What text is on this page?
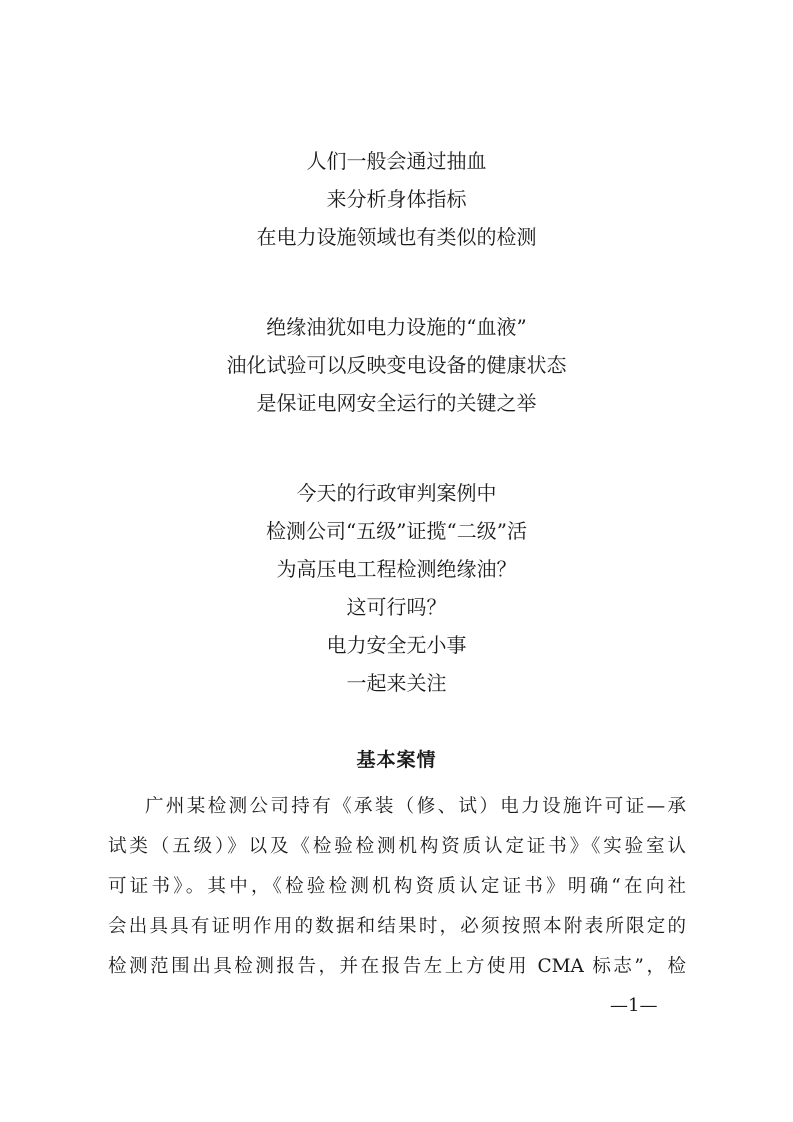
人们一般会通过抽血
来分析身体指标
在电力设施领域也有类似的检测
绝缘油犹如电力设施的“血液”
油化试验可以反映变电设备的健康状态
是保证电网安全运行的关键之举
今天的行政审判案例中
检测公司“五级”证揽“二级”活
为高压电工程检测绝缘油？
这可行吗？
电力安全无小事
一起来关注
基本案情
广州某检测公司持有《承装（修、试）电力设施许可证—承
试类（五级）》以及《检验检测机构资质认定证书》《实验室认
可证书》。其中，《检验检测机构资质认定证书》明确“在向社
会出具具有证明作用的数据和结果时，必须按照本附表所限定的
检测范围出具检测报告，并在报告左上方使用 CMA 标志”，检
—1—
